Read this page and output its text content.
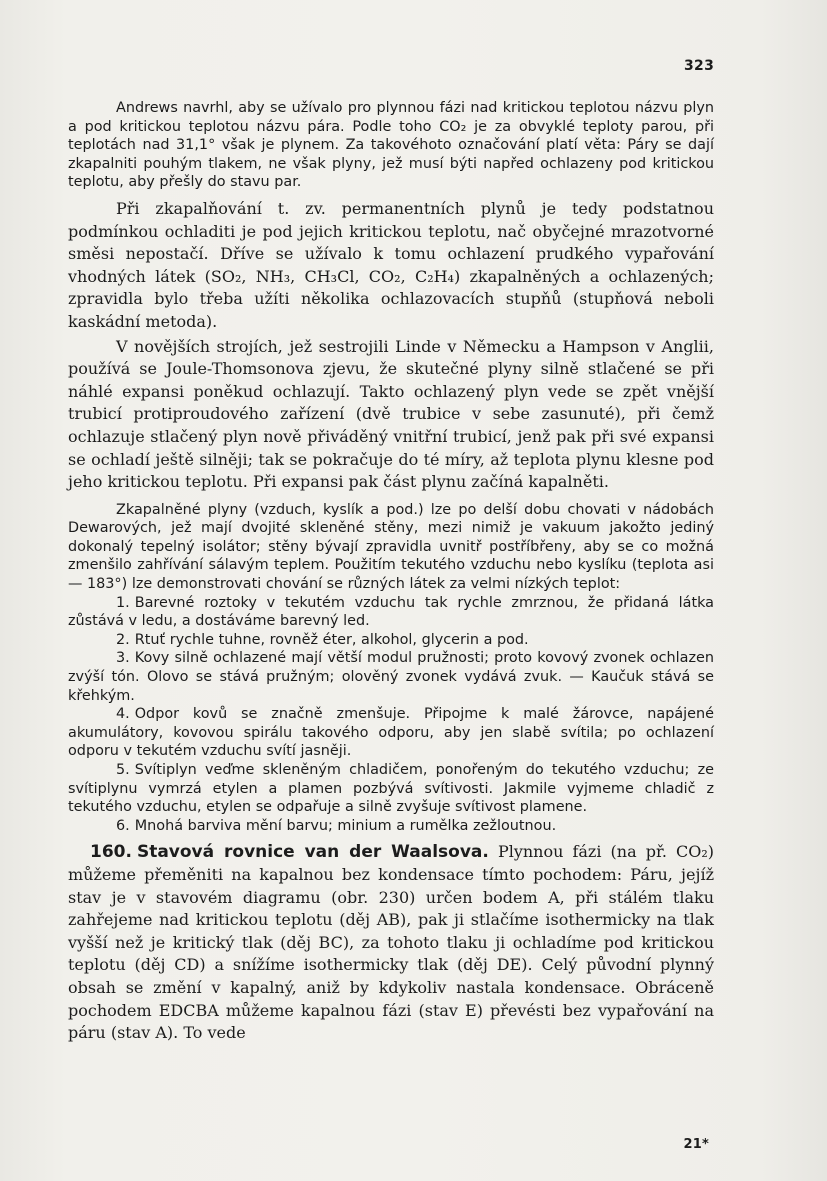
323

Andrews navrhl, aby se užívalo pro plynnou fázi nad kritickou teplotou názvu plyn a pod kritickou teplotou názvu pára. Podle toho CO₂ je za obvyklé teploty parou, při teplotách nad 31,1° však je plynem. Za takovéhoto označování platí věta: Páry se dají zkapalniti pouhým tlakem, ne však plyny, jež musí býti napřed ochlazeny pod kritickou teplotu, aby přešly do stavu par.

Při zkapalňování t. zv. permanentních plynů je tedy podstatnou podmínkou ochladiti je pod jejich kritickou teplotu, nač obyčejné mrazotvorné směsi nepostačí. Dříve se užívalo k tomu ochlazení prudkého vypařování vhodných látek (SO₂, NH₃, CH₃Cl, CO₂, C₂H₄) zkapalněných a ochlazených; zpravidla bylo třeba užíti několika ochlazovacích stupňů (stupňová neboli kaskádní metoda).

V novějších strojích, jež sestrojili Linde v Německu a Hampson v Anglii, používá se Joule-Thomsonova zjevu, že skutečné plyny silně stlačené se při náhlé expansi poněkud ochlazují. Takto ochlazený plyn vede se zpět vnější trubicí protiproudového zařízení (dvě trubice v sebe zasunuté), při čemž ochlazuje stlačený plyn nově přiváděný vnitřní trubicí, jenž pak při své expansi se ochladí ještě silněji; tak se pokračuje do té míry, až teplota plynu klesne pod jeho kritickou teplotu. Při expansi pak část plynu začíná kapalněti.

Zkapalněné plyny (vzduch, kyslík a pod.) lze po delší dobu chovati v nádobách Dewarových, jež mají dvojité skleněné stěny, mezi nimiž je vakuum jakožto jediný dokonalý tepelný isolátor; stěny bývají zpravidla uvnitř postříbřeny, aby se co možná zmenšilo zahřívání sálavým teplem. Použitím tekutého vzduchu nebo kyslíku (teplota asi — 183°) lze demonstrovati chování se různých látek za velmi nízkých teplot:

1. Barevné roztoky v tekutém vzduchu tak rychle zmrznou, že přidaná látka zůstává v ledu, a dostáváme barevný led.

2. Rtuť rychle tuhne, rovněž éter, alkohol, glycerin a pod.

3. Kovy silně ochlazené mají větší modul pružnosti; proto kovový zvonek ochlazen zvýší tón. Olovo se stává pružným; olověný zvonek vydává zvuk. — Kaučuk stává se křehkým.

4. Odpor kovů se značně zmenšuje. Připojme k malé žárovce, napájené akumulátory, kovovou spirálu takového odporu, aby jen slabě svítila; po ochlazení odporu v tekutém vzduchu svítí jasněji.

5. Svítiplyn veďme skleněným chladičem, ponořeným do tekutého vzduchu; ze svítiplynu vymrzá etylen a plamen pozbývá svítivosti. Jakmile vyjmeme chladič z tekutého vzduchu, etylen se odpařuje a silně zvyšuje svítivost plamene.

6. Mnohá barviva mění barvu; minium a rumělka zežloutnou.

160. Stavová rovnice van der Waalsova. Plynnou fázi (na př. CO₂) můžeme přeměniti na kapalnou bez kondensace tímto pochodem: Páru, jejíž stav je v stavovém diagramu (obr. 230) určen bodem A, při stálém tlaku zahřejeme nad kritickou teplotu (děj AB), pak ji stlačíme isothermicky na tlak vyšší než je kritický tlak (děj BC), za tohoto tlaku ji ochladíme pod kritickou teplotu (děj CD) a snížíme isothermicky tlak (děj DE). Celý původní plynný obsah se změní v kapalný, aniž by kdykoliv nastala kondensace. Obráceně pochodem EDCBA můžeme kapalnou fázi (stav E) převésti bez vypařování na páru (stav A). To vede

21*
